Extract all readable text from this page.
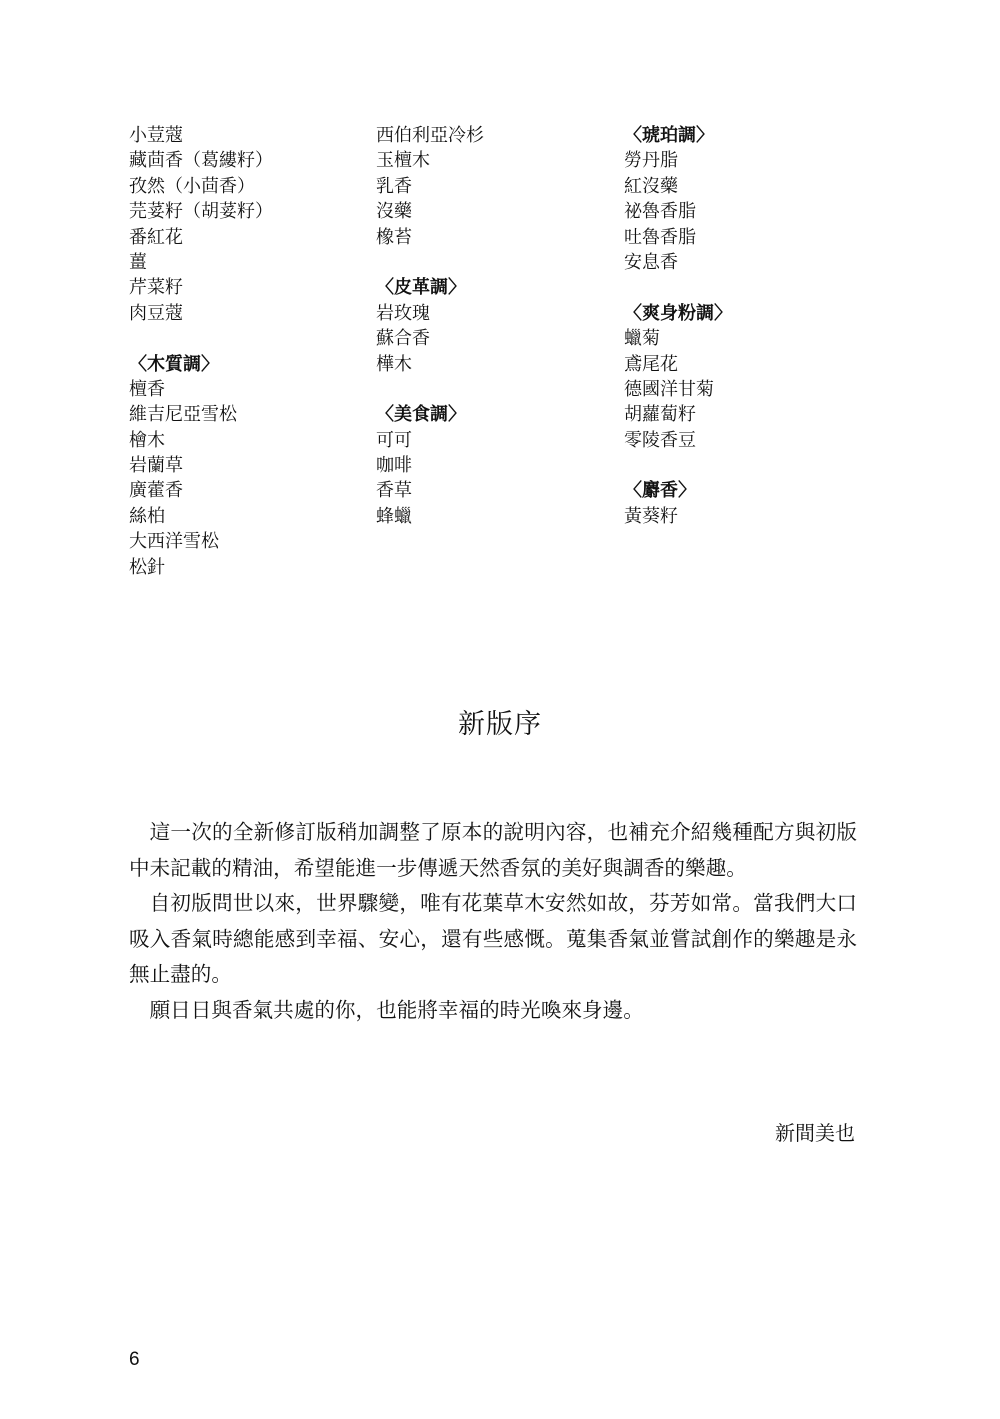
小荳蔻
藏茴香（葛縷籽）
孜然（小茴香）
芫荽籽（胡荽籽）
番紅花
薑
芹菜籽
肉豆蔻
〈木質調〉
檀香
維吉尼亞雪松
檜木
岩蘭草
廣藿香
絲柏
大西洋雪松
松針
西伯利亞冷杉
玉檀木
乳香
沒藥
橡苔
〈皮革調〉
岩玫瑰
蘇合香
樺木
〈美食調〉
可可
咖啡
香草
蜂蠟
〈琥珀調〉
勞丹脂
紅沒藥
祕魯香脂
吐魯香脂
安息香
〈爽身粉調〉
蠟菊
鳶尾花
德國洋甘菊
胡蘿蔔籽
零陵香豆
〈麝香〉
黃葵籽
新版序

這一次的全新修訂版稍加調整了原本的說明內容，也補充介紹幾種配方與初版中未記載的精油，希望能進一步傳遞天然香氛的美好與調香的樂趣。

自初版問世以來，世界驟變，唯有花葉草木安然如故，芬芳如常。當我們大口吸入香氣時總能感到幸福、安心，還有些感慨。蒐集香氣並嘗試創作的樂趣是永無止盡的。

願日日與香氣共處的你，也能將幸福的時光喚來身邊。

新間美也
6
